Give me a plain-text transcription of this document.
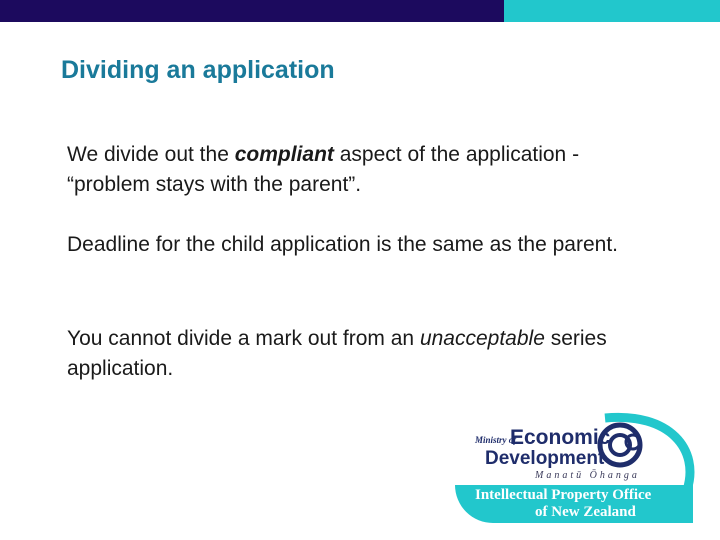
Dividing an application
We divide out the compliant aspect of the application - “problem stays with the parent”.
Deadline for the child application is the same as the parent.
You cannot divide a mark out from an unacceptable series application.
Ministry of
Economic
Development
Manatū Ōhanga
Intellectual Property Office
of New Zealand
